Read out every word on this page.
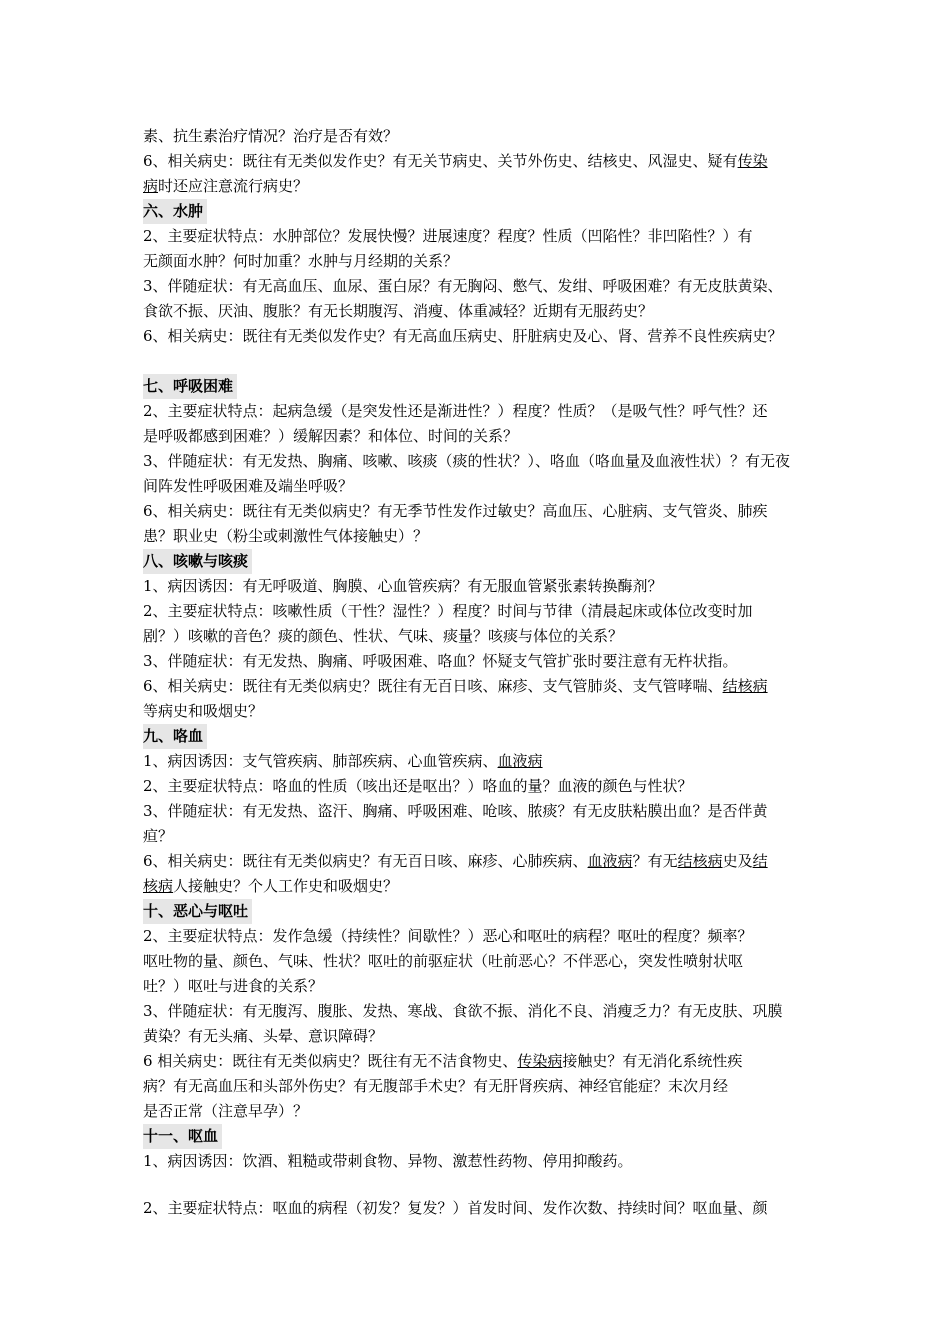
素、抗生素治疗情况？治疗是否有效？
6、相关病史：既往有无类似发作史？有无关节病史、关节外伤史、结核史、风湿史、疑有传染
病时还应注意流行病史？
六、水肿
2、主要症状特点：水肿部位？发展快慢？进展速度？程度？性质（凹陷性？非凹陷性？）有
无颜面水肿？何时加重？水肿与月经期的关系？
3、伴随症状：有无高血压、血尿、蛋白尿？有无胸闷、憋气、发绀、呼吸困难？有无皮肤黄染、
食欲不振、厌油、腹胀？有无长期腹泻、消瘦、体重减轻？近期有无服药史？
6、相关病史：既往有无类似发作史？有无高血压病史、肝脏病史及心、肾、营养不良性疾病史？
七、呼吸困难
2、主要症状特点：起病急缓（是突发性还是渐进性？）程度？性质？（是吸气性？呼气性？还
是呼吸都感到困难？）缓解因素？和体位、时间的关系？
3、伴随症状：有无发热、胸痛、咳嗽、咳痰（痰的性状？）、咯血（咯血量及血液性状）？有无夜
间阵发性呼吸困难及端坐呼吸？
6、相关病史：既往有无类似病史？有无季节性发作过敏史？高血压、心脏病、支气管炎、肺疾
患？职业史（粉尘或刺激性气体接触史）？
八、咳嗽与咳痰
1、病因诱因：有无呼吸道、胸膜、心血管疾病？有无服血管紧张素转换酶剂？
2、主要症状特点：咳嗽性质（干性？湿性？）程度？时间与节律（清晨起床或体位改变时加
剧？）咳嗽的音色？痰的颜色、性状、气味、痰量？咳痰与体位的关系？
3、伴随症状：有无发热、胸痛、呼吸困难、咯血？怀疑支气管扩张时要注意有无杵状指。
6、相关病史：既往有无类似病史？既往有无百日咳、麻疹、支气管肺炎、支气管哮喘、结核病
等病史和吸烟史？
九、咯血
1、病因诱因：支气管疾病、肺部疾病、心血管疾病、血液病
2、主要症状特点：咯血的性质（咳出还是呕出？）咯血的量？血液的颜色与性状？
3、伴随症状：有无发热、盗汗、胸痛、呼吸困难、呛咳、脓痰？有无皮肤粘膜出血？是否伴黄
疸？
6、相关病史：既往有无类似病史？有无百日咳、麻疹、心肺疾病、血液病？有无结核病史及结
核病人接触史？个人工作史和吸烟史？
十、恶心与呕吐
2、主要症状特点：发作急缓（持续性？间歇性？）恶心和呕吐的病程？呕吐的程度？频率？
呕吐物的量、颜色、气味、性状？呕吐的前驱症状（吐前恶心？不伴恶心，突发性喷射状呕
吐？）呕吐与进食的关系？
3、伴随症状：有无腹泻、腹胀、发热、寒战、食欲不振、消化不良、消瘦乏力？有无皮肤、巩膜
黄染？有无头痛、头晕、意识障碍？
6 相关病史：既往有无类似病史？既往有无不洁食物史、传染病接触史？有无消化系统性疾
病？有无高血压和头部外伤史？有无腹部手术史？有无肝肾疾病、神经官能症？末次月经
是否正常（注意早孕）？
十一、呕血
1、病因诱因：饮酒、粗糙或带刺食物、异物、激惹性药物、停用抑酸药。
2、主要症状特点：呕血的病程（初发？复发？）首发时间、发作次数、持续时间？呕血量、颜
